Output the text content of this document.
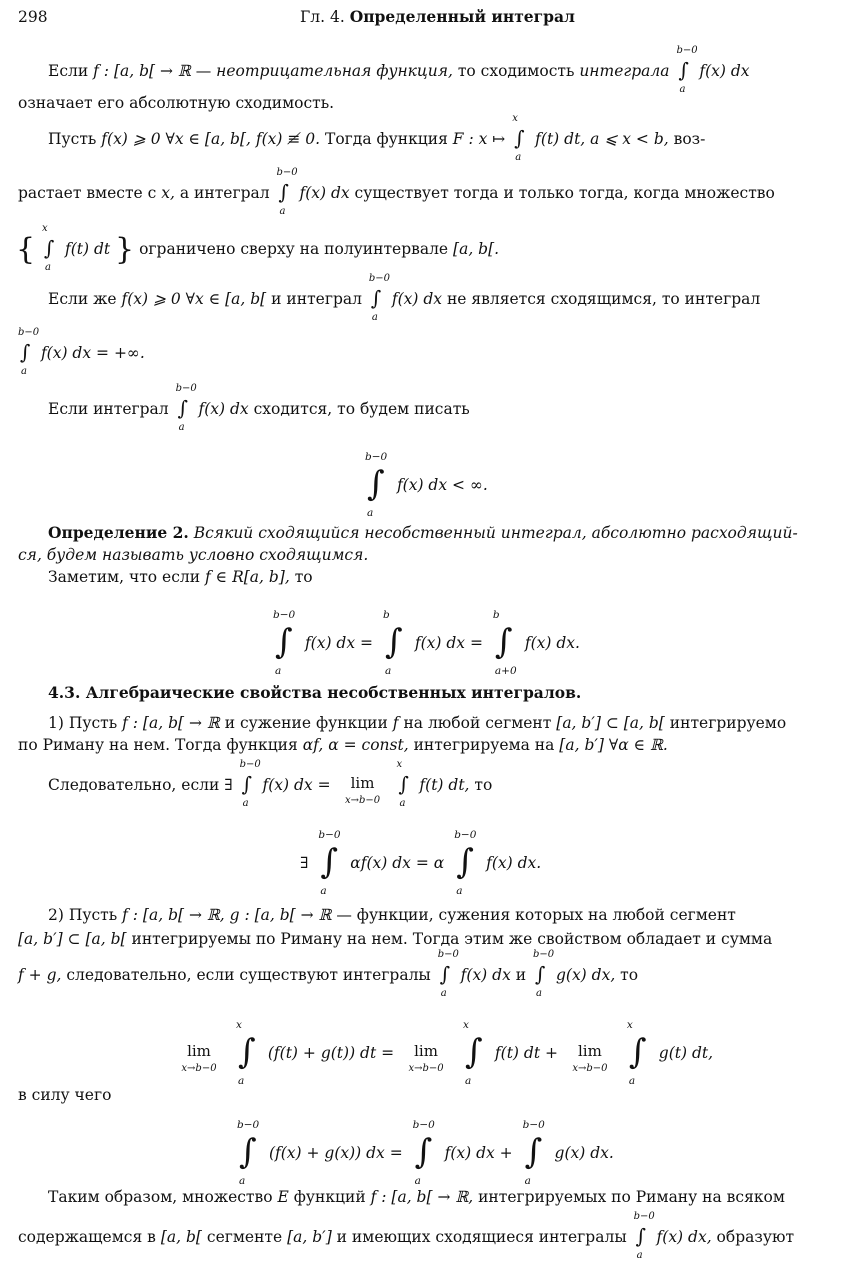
298	Гл. 4. Определенный интеграл
Если f : [a, b[ → ℝ — неотрицательная функция, то сходимость интеграла
b−0
∫
a
f(x) dx
означает его абсолютную сходимость.
Пусть f(x) ⩾ 0 ∀x ∈ [a, b[, f(x) ≢ 0. Тогда функция F : x ↦
x
∫
a
f(t) dt, a ⩽ x < b, воз-
растает вместе с x, а интеграл
b−0
∫
a
f(x) dx существует тогда и только тогда, когда множество
{
x
∫
a
f(t) dt } ограничено сверху на полуинтервале [a, b[.
Если же f(x) ⩾ 0 ∀x ∈ [a, b[ и интеграл
b−0
∫
a
f(x) dx не является сходящимся, то интеграл
b−0
∫
a
f(x) dx = +∞.
Если интеграл
b−0
∫
a
f(x) dx сходится, то будем писать
b−0
∫
a
f(x) dx < ∞.
Определение 2. Всякий сходящийся несобственный интеграл, абсолютно расходящий-
ся, будем называть условно сходящимся.
Заметим, что если f ∈ R[a, b], то
b−0
∫
a
f(x) dx =
b
∫
a
f(x) dx =
b
∫
a+0
f(x) dx.
4.3. Алгебраические свойства несобственных интегралов.
1) Пусть f : [a, b[ → ℝ и сужение функции f на любой сегмент [a, b′] ⊂ [a, b[ интегрируемо
по Риману на нем. Тогда функция αf, α = const, интегрируема на [a, b′] ∀α ∈ ℝ.
Следовательно, если ∃
b−0
∫
a
f(x) dx =	lim
x→b−0

x
∫
a
f(t) dt, то
∃
b−0
∫
a
αf(x) dx = α
b−0
∫
a
f(x) dx.
2) Пусть f : [a, b[ → ℝ, g : [a, b[ → ℝ — функции, сужения которых на любой сегмент
[a, b′] ⊂ [a, b[ интегрируемы по Риману на нем. Тогда этим же свойством обладает и сумма
f + g, следовательно, если существуют интегралы
b−0
∫
a
f(x) dx и
b−0
∫
a
g(x) dx, то
lim
x→b−0

x
∫
a
(f(t) + g(t)) dt =	lim
x→b−0

x
∫
a
f(t) dt +	lim
x→b−0

x
∫
a
g(t) dt,
в силу чего
b−0
∫
a
(f(x) + g(x)) dx =
b−0
∫
a
f(x) dx +
b−0
∫
a
g(x) dx.
Таким образом, множество E функций f : [a, b[ → ℝ, интегрируемых по Риману на всяком
содержащемся в [a, b[ сегменте [a, b′] и имеющих сходящиеся интегралы
b−0
∫
a
f(x) dx, образуют
